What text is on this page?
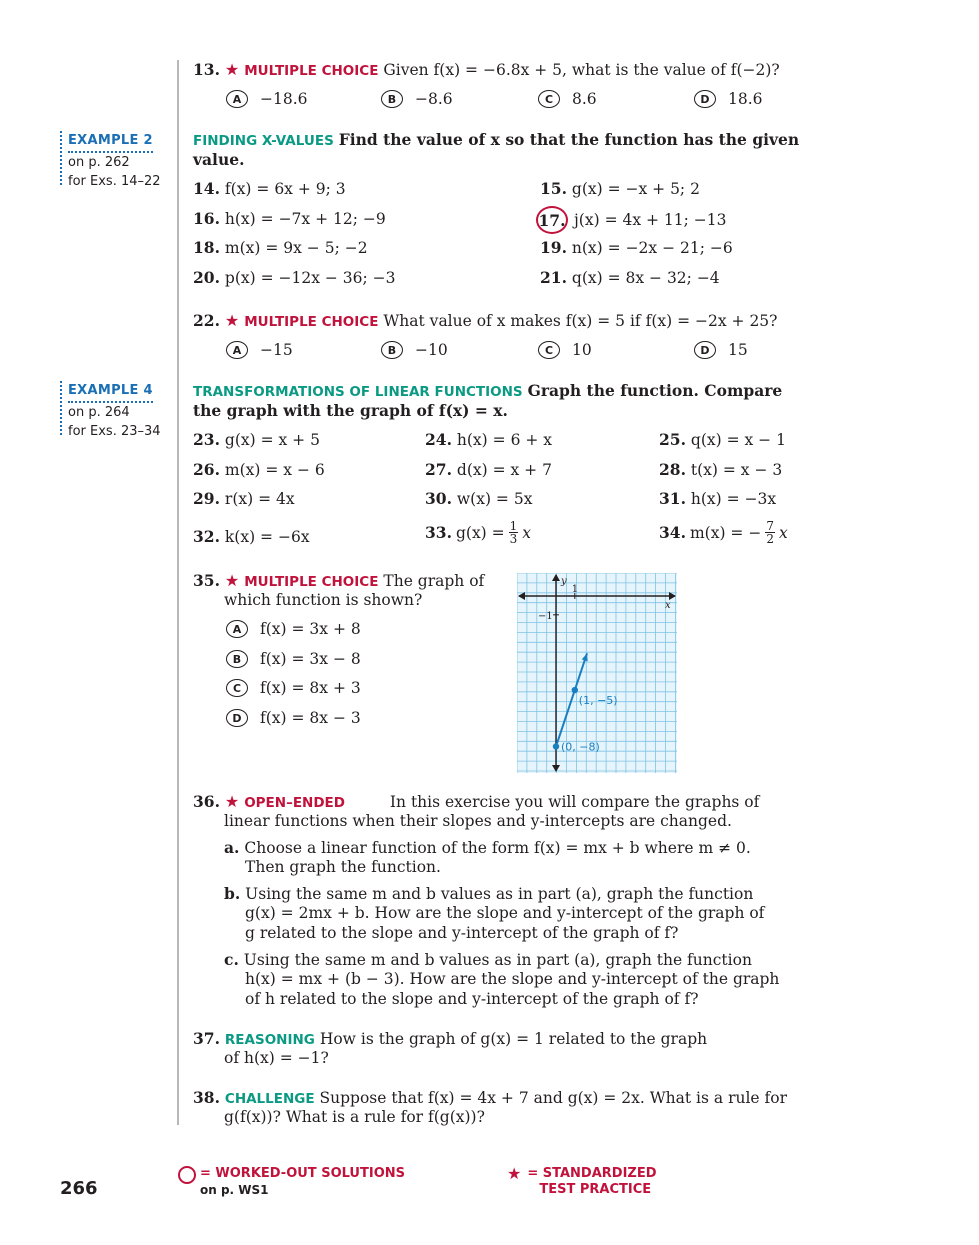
EXAMPLE 2
on p. 262
for Exs. 14–22
EXAMPLE 4
on p. 264
for Exs. 23–34
13. ★ MULTIPLE CHOICE Given f(x) = −6.8x + 5, what is the value of f(−2)?
A	−18.6	B	−8.6	C	8.6	D	18.6
FINDING X-VALUES Find the value of x so that the function has the given
value.
14. f(x) = 6x + 9; 3	15. g(x) = −x + 5; 2
16. h(x) = −7x + 12; −9	17. j(x) = 4x + 11; −13
18. m(x) = 9x − 5; −2	19. n(x) = −2x − 21; −6
20. p(x) = −12x − 36; −3	21. q(x) = 8x − 32; −4
22. ★ MULTIPLE CHOICE What value of x makes f(x) = 5 if f(x) = −2x + 25?
A	−15	B	−10	C	10	D	15
TRANSFORMATIONS OF LINEAR FUNCTIONS Graph the function. Compare
the graph with the graph of f(x) = x.
23. g(x) = x + 5	24. h(x) = 6 + x	25. q(x) = x − 1
26. m(x) = x − 6	27. d(x) = x + 7	28. t(x) = x − 3
29. r(x) = 4x	30. w(x) = 5x	31. h(x) = −3x
32. k(x) = −6x	33. $g(x) = \frac{1}{3}$ x	34. m(x) = − $\frac{7}{2}$ x
35. ★ MULTIPLE CHOICE The graph of
which function is shown?
A	f(x) = 3x + 8
B	f(x) = 3x − 8
C	f(x) = 8x + 3
D	f(x) = 8x − 3
x
y
1
−1
(1, −5)
(0, −8)
36. ★ OPEN–ENDED	In this exercise you will compare the graphs of
linear functions when their slopes and y-intercepts are changed.
a. Choose a linear function of the form f(x) = mx + b where m ≠ 0.
Then graph the function.
b. Using the same m and b values as in part (a), graph the function
g(x) = 2mx + b. How are the slope and y-intercept of the graph of
g related to the slope and y-intercept of the graph of f?
c. Using the same m and b values as in part (a), graph the function
h(x) = mx + (b − 3). How are the slope and y-intercept of the graph
of h related to the slope and y-intercept of the graph of f?
37. REASONING How is the graph of g(x) = 1 related to the graph
of h(x) = −1?
38. CHALLENGE Suppose that f(x) = 4x + 7 and g(x) = 2x. What is a rule for
g(f(x))? What is a rule for f(g(x))?
266
= WORKED-OUT SOLUTIONS
on p. WS1
★ = STANDARDIZED
TEST PRACTICE
